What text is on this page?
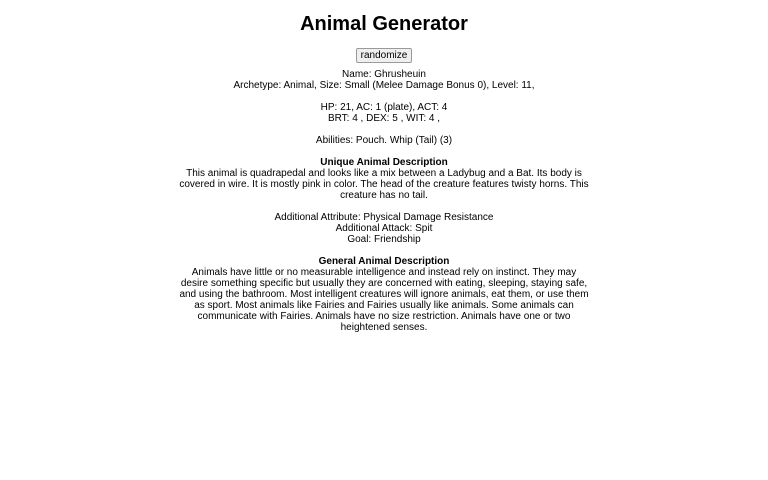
Animal Generator
randomize
Name: Ghrusheuin
Archetype: Animal, Size: Small (Melee Damage Bonus 0), Level: 11,
HP: 21, AC: 1 (plate), ACT: 4
BRT: 4 , DEX: 5 , WIT: 4 ,
Abilities: Pouch. Whip (Tail) (3)
Unique Animal Description

This animal is quadrapedal and looks like a mix between a Ladybug and a Bat. Its body is covered in wire. It is mostly pink in color. The head of the creature features twisty horns. This creature has no tail.

Additional Attribute: Physical Damage Resistance
Additional Attack: Spit
Goal: Friendship
General Animal Description

Animals have little or no measurable intelligence and instead rely on instinct. They may desire something specific but usually they are concerned with eating, sleeping, staying safe, and using the bathroom. Most intelligent creatures will ignore animals, eat them, or use them as sport. Most animals like Fairies and Fairies usually like animals. Some animals can communicate with Fairies. Animals have no size restriction. Animals have one or two heightened senses.
